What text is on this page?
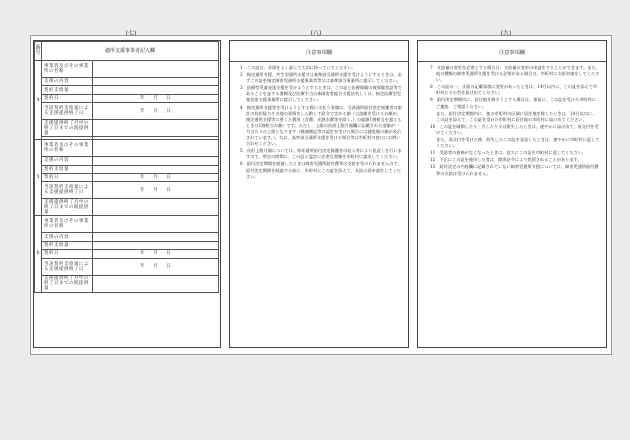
(七)
番号	適所支援事業者記入欄	
4	事業者及びその事業所の名称	
	支援の内容	
	契約支給量	
	契約日	年　　月　　日
	当該契約支給量による支援提供終了日	年　　月　　日
	支援提供終了月中の終了日までの既提供量	

5	事業者及びその事業所の名称	
	支援の内容	
	契約支給量	
	契約日	年　　月　　日
	当該契約支給量による支援提供終了日	年　　月　　日
	支援提供終了月中の終了日までの既提供量	
6	事業者及びその事業所の名称	
	支援の内容	
	契約支給量	
	契約日	年　　月　　日
	当該契約支給量による支援提供終了日	年　　月　　日
	支援提供終了月中の終了日までの既提供量	
(八)
注意事項欄

1　この証は、各項をよく読んで大切に持っていてください。

2　指定通所支援、共生型通所支援又は基準該当通所支援を受けようとするときは、必ずこの証を指定障害児通所支援事業者等又は基準該当事業所に提示してください。

3　医療型児童発達支援を受けようとするときは、この証と医療保険の被保険者証等であることを証する書類及び医療手当自体障害者総合支援法若しくは、指定医療型児童発達支援事業所に提示してください。

4　指定通所支援等を受けようとする際に支払う金額は、当該通所給付決定保護者の家計の負担能力その他の事情をしん酌して政令で定める額（当該額を受けるお額が、指定通所支援等に要した費用（食費、光熱水費等を除く。）の総額1割相当を超えるときは1割相当の額）です。ただし、上限の負担上限月額欄に記載された金額が一月当たりの上限となります（軽減額記等の認定を受けた場合には減免後の額が表示されています。）。なお、高率該当通所支援を受ける場合等は市町村の窓口にお問い合わせください。

5　負担上限月額については、毎年通所給付決定保護者の収入等により見直しを行いますので、所定の時期に、この証と認定に必要な書類を市町村に提出してください。

6　給付決定期間を経過したときは障害児通所給付費等の支給を受けられませんので、給付決定期間を経過する前に、市町村にこの証を添えて、支給の再申請をしてください。

(九)
注意事項欄

7　支給量の変更を必要とする場合は、支給量の変更の申請をすることができます。また、他の種類の障害児通所支援を受ける必要がある場合は、市町村に支給申請をしてください。

8　この証の一、支給の記載事項に変更があったときは、14日以内に、この証を添えて市町村にその旨を届け出てください。

9　給付決定期間内に、居住地を移そうとする場合は、事前に、この証を受けた市町村にご連絡、ご相談ください。

また、給付決定期間内に、他の市町村の区域に居住地を移したときは、14日以内に、この証を添えて、この証を受けた市町村に居住地の市町村に届け出てください。

10　この証を破損したり、汚したり又は紛失したときは、速やかに届け出て、再交付を受けてください。

また、再交付を受けた後、紛失したこの証を発見したときは、速やかに市町村に返してください。

11　受給者の資格がなくなったときは、直ちにこの証を市町村に返してください。

12　不正にこの証を使用した者は、関係法令により処罰されることがあります。

13　給付決定の内容欄に記載されていない障害児通所支援については、障害児通所給付費等の支給は受けられません。
